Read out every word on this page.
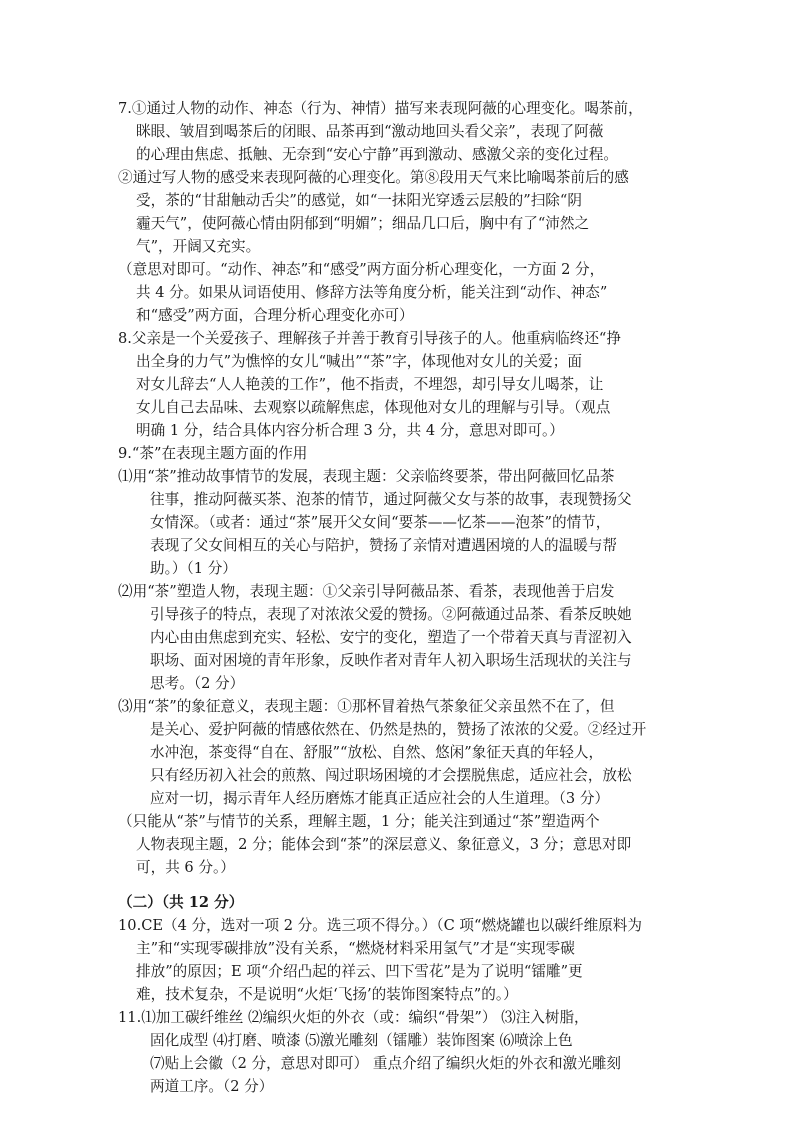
7.①通过人物的动作、神态（行为、神情）描写来表现阿薇的心理变化。喝茶前，
眯眼、皱眉到喝茶后的闭眼、品茶再到“激动地回头看父亲”，表现了阿薇
的心理由焦虑、抵触、无奈到“安心宁静”再到激动、感激父亲的变化过程。
②通过写人物的感受来表现阿薇的心理变化。第⑧段用天气来比喻喝茶前后的感
受，茶的“甘甜触动舌尖”的感觉，如“一抹阳光穿透云层般的”扫除“阴
霾天气”，使阿薇心情由阴郁到“明媚”；细品几口后，胸中有了“沛然之
气”，开阔又充实。
（意思对即可。“动作、神态”和“感受”两方面分析心理变化，一方面 2 分，
共 4 分。如果从词语使用、修辞方法等角度分析，能关注到“动作、神态”
和“感受”两方面，合理分析心理变化亦可）
8.父亲是一个关爱孩子、理解孩子并善于教育引导孩子的人。他重病临终还“挣
出全身的力气”为憔悴的女儿“喊出”“茶”字，体现他对女儿的关爱；面
对女儿辞去“人人艳羡的工作”，他不指责，不埋怨，却引导女儿喝茶，让
女儿自己去品味、去观察以疏解焦虑，体现他对女儿的理解与引导。（观点
明确 1 分，结合具体内容分析合理 3 分，共 4 分，意思对即可。）
9.“茶”在表现主题方面的作用
⑴用“茶”推动故事情节的发展，表现主题：父亲临终要茶，带出阿薇回忆品茶
往事，推动阿薇买茶、泡茶的情节，通过阿薇父女与茶的故事，表现赞扬父
女情深。（或者：通过“茶”展开父女间“要茶——忆茶——泡茶”的情节，
表现了父女间相互的关心与陪护，赞扬了亲情对遭遇困境的人的温暖与帮
助。）（1 分）
⑵用“茶”塑造人物，表现主题：①父亲引导阿薇品茶、看茶，表现他善于启发
引导孩子的特点，表现了对浓浓父爱的赞扬。②阿薇通过品茶、看茶反映她
内心由由焦虑到充实、轻松、安宁的变化，塑造了一个带着天真与青涩初入
职场、面对困境的青年形象，反映作者对青年人初入职场生活现状的关注与
思考。（2 分）
⑶用“茶”的象征意义，表现主题：①那杯冒着热气茶象征父亲虽然不在了，但
是关心、爱护阿薇的情感依然在、仍然是热的，赞扬了浓浓的父爱。②经过开
水冲泡，茶变得“自在、舒服”“放松、自然、悠闲”象征天真的年轻人，
只有经历初入社会的煎熬、闯过职场困境的才会摆脱焦虑，适应社会，放松
应对一切，揭示青年人经历磨炼才能真正适应社会的人生道理。（3 分）
（只能从“茶”与情节的关系，理解主题，1 分；能关注到通过“茶”塑造两个
人物表现主题，2 分；能体会到“茶”的深层意义、象征意义，3 分；意思对即
可，共 6 分。）
（二）（共 12 分）
10.CE（4 分，选对一项 2 分。选三项不得分。）（C 项“燃烧罐也以碳纤维原料为
主”和“实现零碳排放”没有关系，“燃烧材料采用氢气”才是“实现零碳
排放”的原因；E 项“介绍凸起的祥云、凹下雪花”是为了说明“镭雕”更
难，技术复杂，不是说明“火炬‘飞扬’的装饰图案特点”的。）
11.⑴加工碳纤维丝 ⑵编织火炬的外衣（或：编织“骨架”） ⑶注入树脂，
固化成型 ⑷打磨、喷漆 ⑸激光雕刻（镭雕）装饰图案 ⑹喷涂上色
⑺贴上会徽（2 分，意思对即可） 重点介绍了编织火炬的外衣和激光雕刻
两道工序。（2 分）
